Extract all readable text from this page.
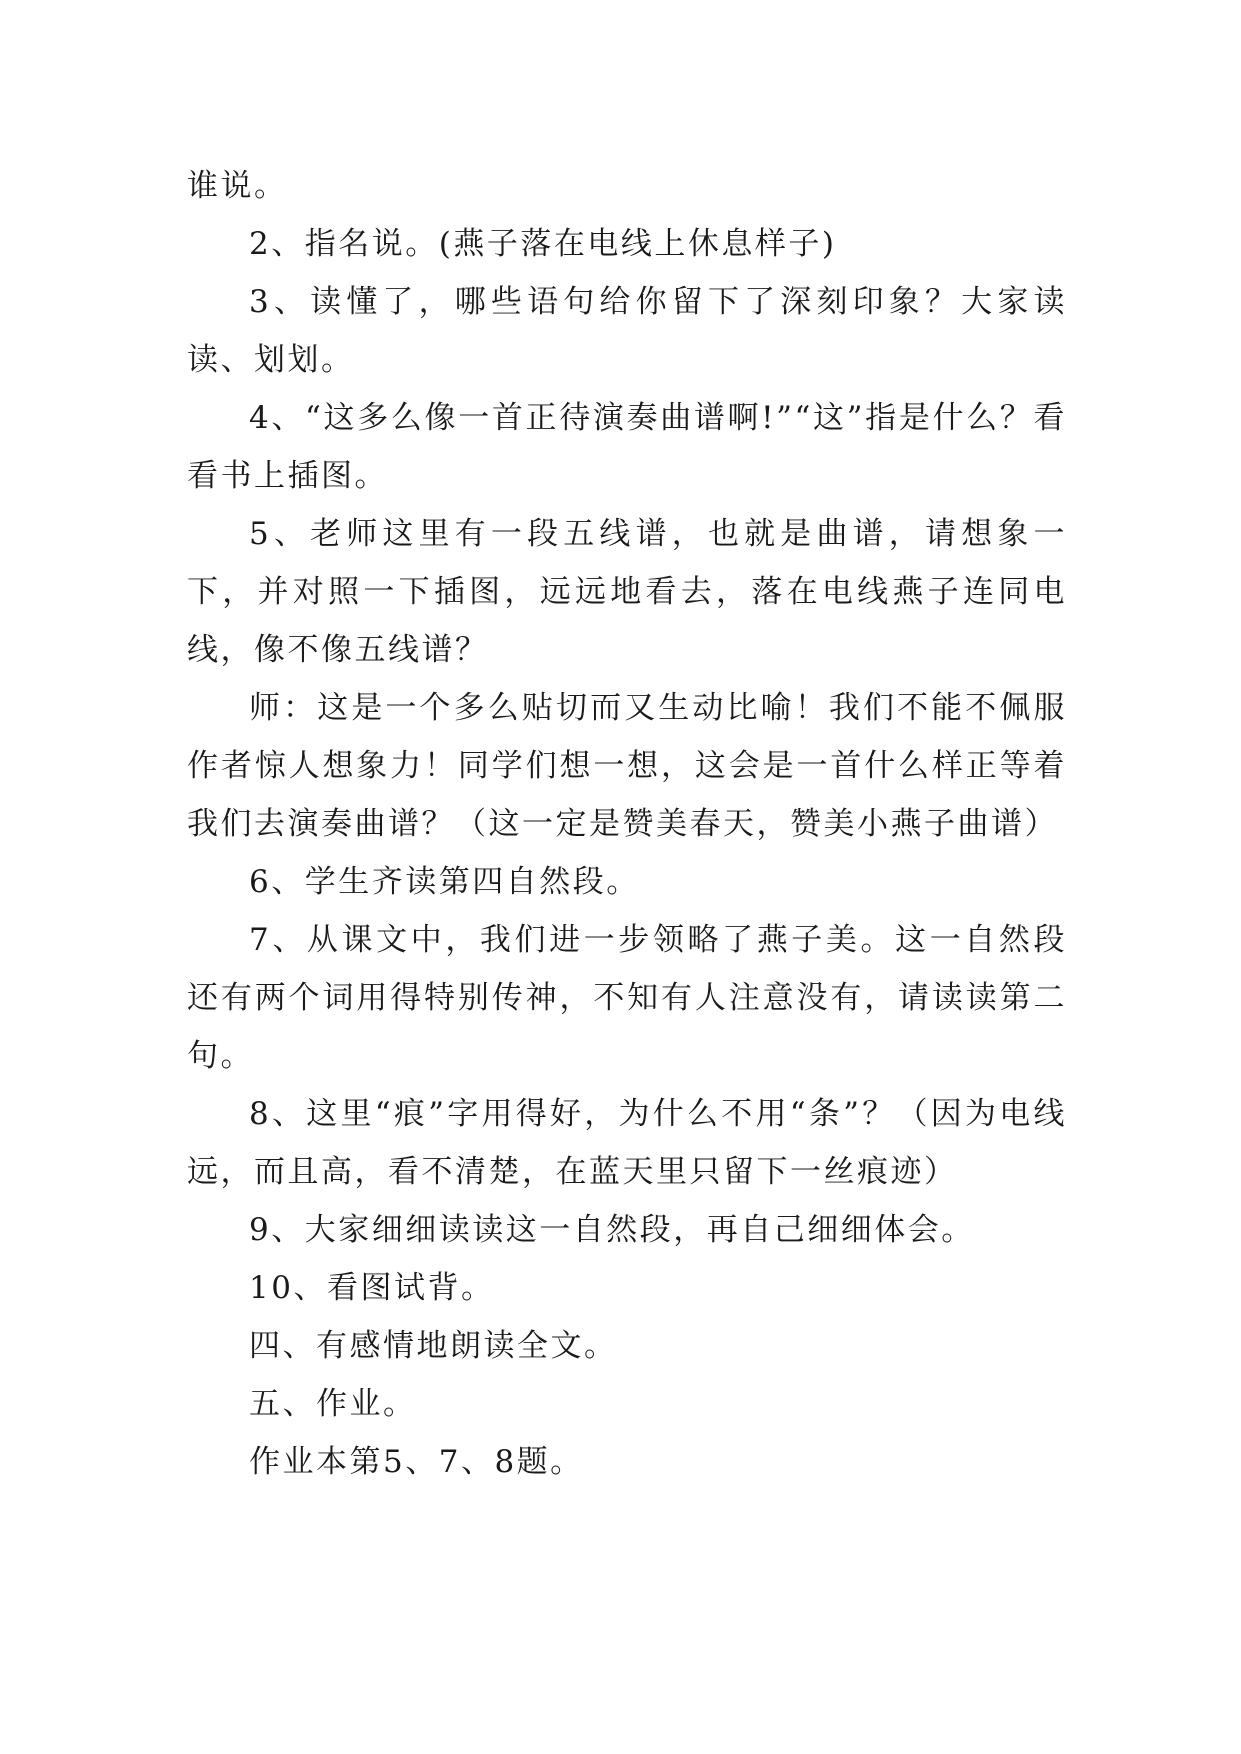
谁说。

2、指名说。(燕子落在电线上休息样子)

3、读懂了，哪些语句给你留下了深刻印象？大家读读、划划。

4、“这多么像一首正待演奏曲谱啊!”“这”指是什么？看看书上插图。

5、老师这里有一段五线谱，也就是曲谱，请想象一下，并对照一下插图，远远地看去，落在电线燕子连同电线，像不像五线谱？

师：这是一个多么贴切而又生动比喻！我们不能不佩服作者惊人想象力！同学们想一想，这会是一首什么样正等着我们去演奏曲谱？（这一定是赞美春天，赞美小燕子曲谱）

6、学生齐读第四自然段。

7、从课文中，我们进一步领略了燕子美。这一自然段还有两个词用得特别传神，不知有人注意没有，请读读第二句。

8、这里“痕”字用得好，为什么不用“条”？（因为电线远，而且高，看不清楚，在蓝天里只留下一丝痕迹）

9、大家细细读读这一自然段，再自己细细体会。

10、看图试背。

四、有感情地朗读全文。

五、作业。

作业本第5、7、8题。
